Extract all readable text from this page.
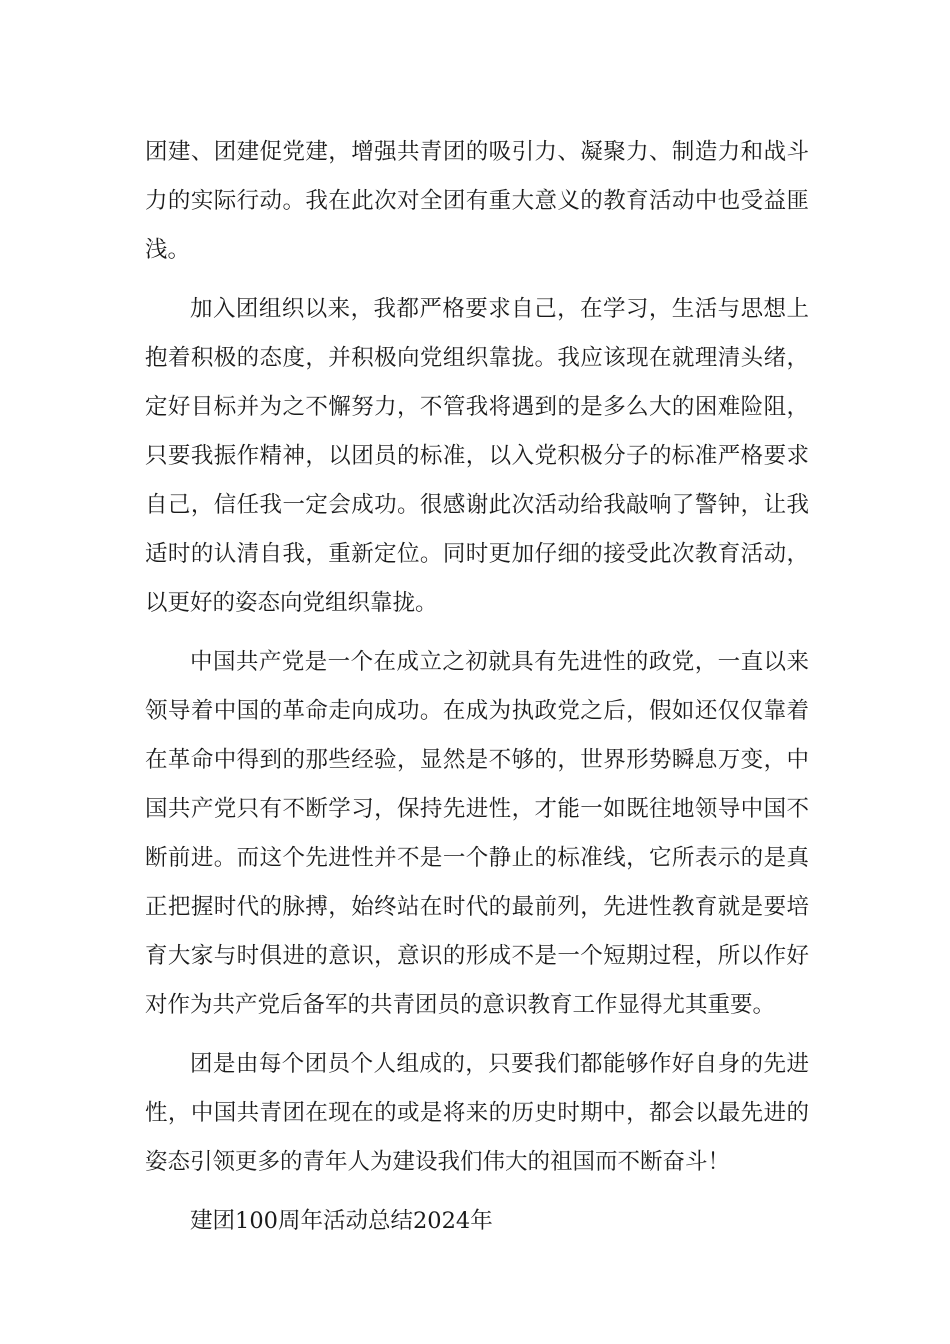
团建、团建促党建，增强共青团的吸引力、凝聚力、制造力和战斗
力的实际行动。我在此次对全团有重大意义的教育活动中也受益匪
浅。
加入团组织以来，我都严格要求自己，在学习，生活与思想上
抱着积极的态度，并积极向党组织靠拢。我应该现在就理清头绪，
定好目标并为之不懈努力，不管我将遇到的是多么大的困难险阻，
只要我振作精神，以团员的标准，以入党积极分子的标准严格要求
自己，信任我一定会成功。很感谢此次活动给我敲响了警钟，让我
适时的认清自我，重新定位。同时更加仔细的接受此次教育活动，
以更好的姿态向党组织靠拢。
中国共产党是一个在成立之初就具有先进性的政党，一直以来
领导着中国的革命走向成功。在成为执政党之后，假如还仅仅靠着
在革命中得到的那些经验，显然是不够的，世界形势瞬息万变，中
国共产党只有不断学习，保持先进性，才能一如既往地领导中国不
断前进。而这个先进性并不是一个静止的标准线，它所表示的是真
正把握时代的脉搏，始终站在时代的最前列，先进性教育就是要培
育大家与时俱进的意识，意识的形成不是一个短期过程，所以作好
对作为共产党后备军的共青团员的意识教育工作显得尤其重要。
团是由每个团员个人组成的，只要我们都能够作好自身的先进
性，中国共青团在现在的或是将来的历史时期中，都会以最先进的
姿态引领更多的青年人为建设我们伟大的祖国而不断奋斗！
建团100周年活动总结2024年
